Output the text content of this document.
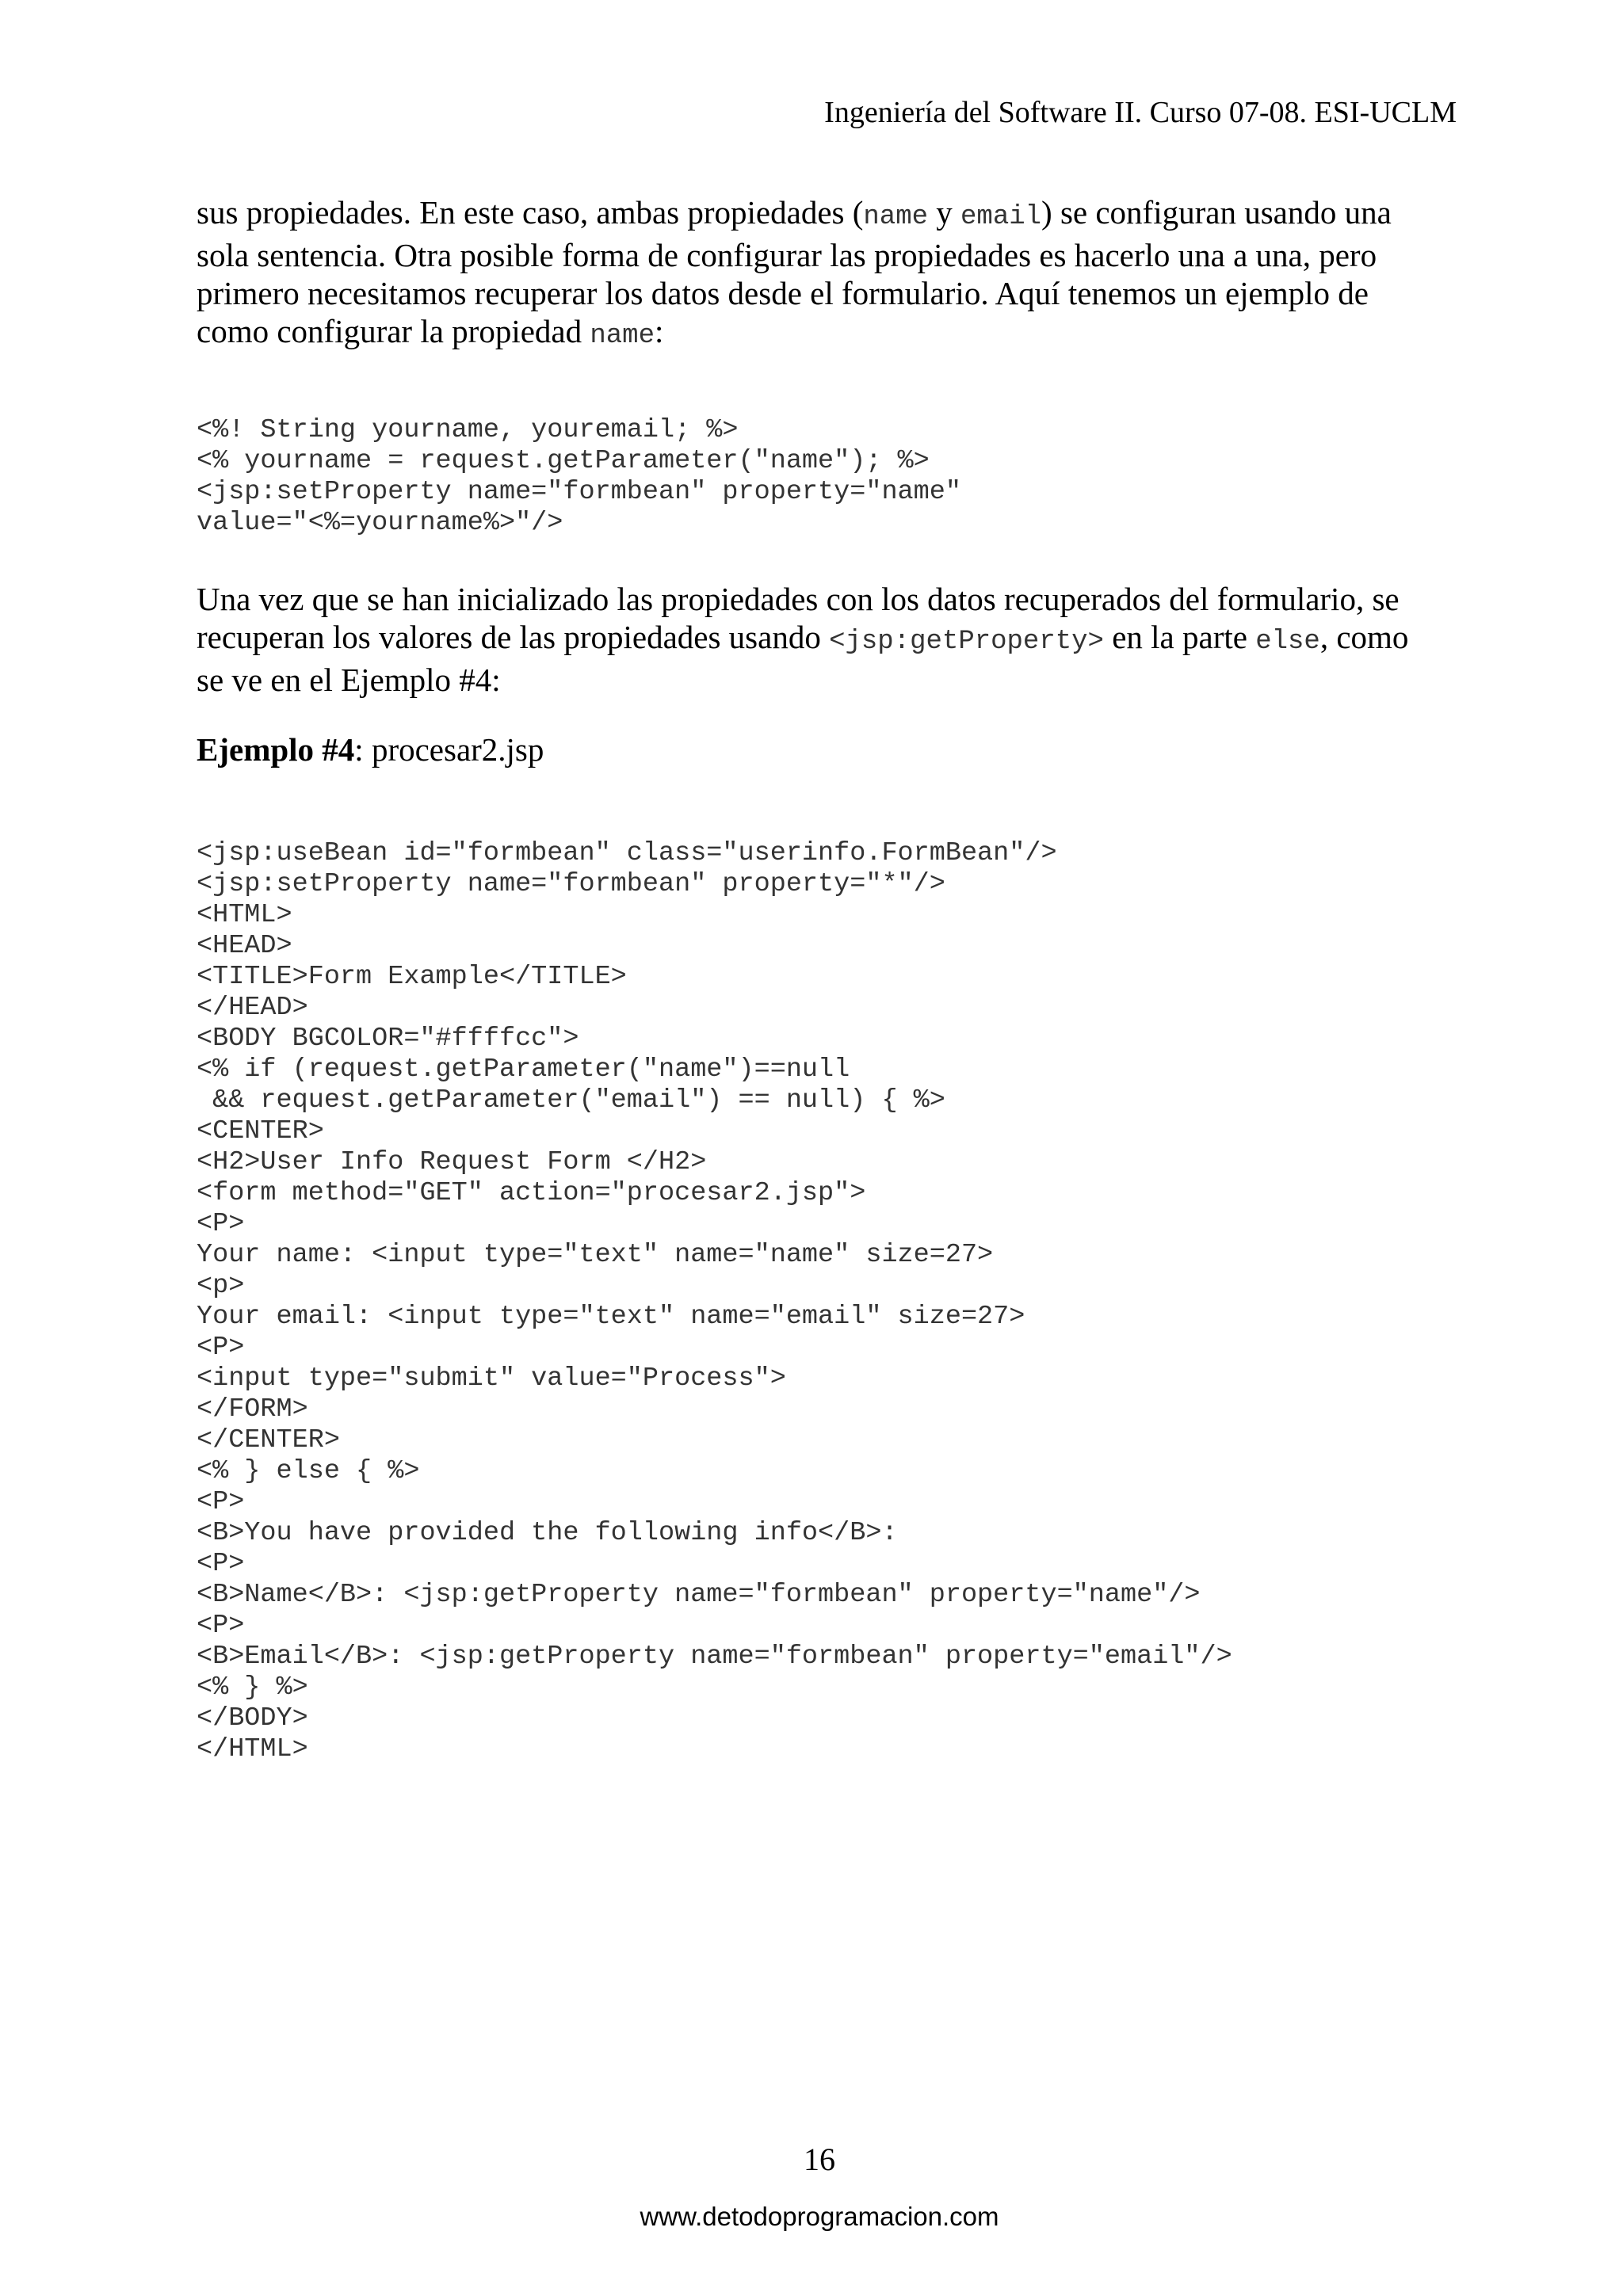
Ingeniería del Software II. Curso 07-08. ESI-UCLM

sus propiedades. En este caso, ambas propiedades (name y email) se configuran usando una

sola sentencia. Otra posible forma de configurar las propiedades es hacerlo una a una, pero

primero necesitamos recuperar los datos desde el formulario. Aquí tenemos un ejemplo de

como configurar la propiedad name:

<%! String yourname, youremail; %>
<% yourname = request.getParameter("name"); %>
<jsp:setProperty name="formbean" property="name"
value="<%=yourname%>"/>

Una vez que se han inicializado las propiedades con los datos recuperados del formulario, se

recuperan los valores de las propiedades usando <jsp:getProperty> en la parte else, como

se ve en el Ejemplo #4:

Ejemplo #4: procesar2.jsp
<jsp:useBean id="formbean" class="userinfo.FormBean"/>
<jsp:setProperty name="formbean" property="*"/>
<HTML>
<HEAD>
<TITLE>Form Example</TITLE>
</HEAD>
<BODY BGCOLOR="#ffffcc">
<% if (request.getParameter("name")==null
&& request.getParameter("email") == null) { %>
<CENTER>
<H2>User Info Request Form </H2>
<form method="GET" action="procesar2.jsp">
<P>
Your name: <input type="text" name="name" size=27>
<p>
Your email: <input type="text" name="email" size=27>
<P>
<input type="submit" value="Process">
</FORM>
</CENTER>
<% } else { %>
<P>
<B>You have provided the following info</B>:
<P>
<B>Name</B>: <jsp:getProperty name="formbean" property="name"/>
<P>
<B>Email</B>: <jsp:getProperty name="formbean" property="email"/>
<% } %>
</BODY>
</HTML>
16
www.detodoprogramacion.com
